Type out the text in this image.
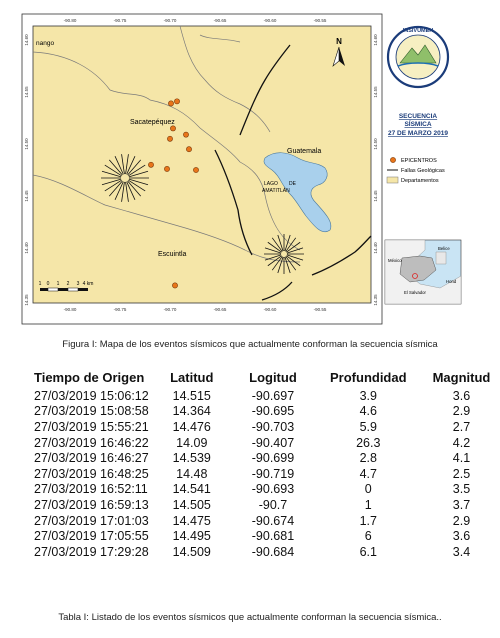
nango
Sacatepéquez
Guatemala
Escuintla
LAGO DE
AMATITLÁN
N
1 0 1 2 3 4 km
-90.80	-90.75	-90.70	-90.65	-90.60	-90.55
-90.80	-90.75	-90.70	-90.65	-90.60	-90.55
14.60
14.55
14.50
14.45
14.40
14.35
14.60
14.55
14.50
14.45
14.40
14.35
INSIVUMEH
SECUENCIA
SÍSMICA
27 DE MARZO 2019
EPICENTROS
Fallas Geológicas
Departamentos
México
Belice
Hond
El Salvador
Figura I: Mapa de los eventos sísmicos que actualmente conforman la secuencia sísmica
Tiempo de Origen	Latitud	Logitud	Profundidad	Magnitud
27/03/2019 15:06:12	14.515	-90.697	3.9	3.6
27/03/2019 15:08:58	14.364	-90.695	4.6	2.9
27/03/2019 15:55:21	14.476	-90.703	5.9	2.7
27/03/2019 16:46:22	14.09	-90.407	26.3	4.2
27/03/2019 16:46:27	14.539	-90.699	2.8	4.1
27/03/2019 16:48:25	14.48	-90.719	4.7	2.5
27/03/2019 16:52:11	14.541	-90.693	0	3.5
27/03/2019 16:59:13	14.505	-90.7	1	3.7
27/03/2019 17:01:03	14.475	-90.674	1.7	2.9
27/03/2019 17:05:55	14.495	-90.681	6	3.6
27/03/2019 17:29:28	14.509	-90.684	6.1	3.4
Tabla I: Listado de los eventos sísmicos que actualmente conforman la secuencia sísmica..
